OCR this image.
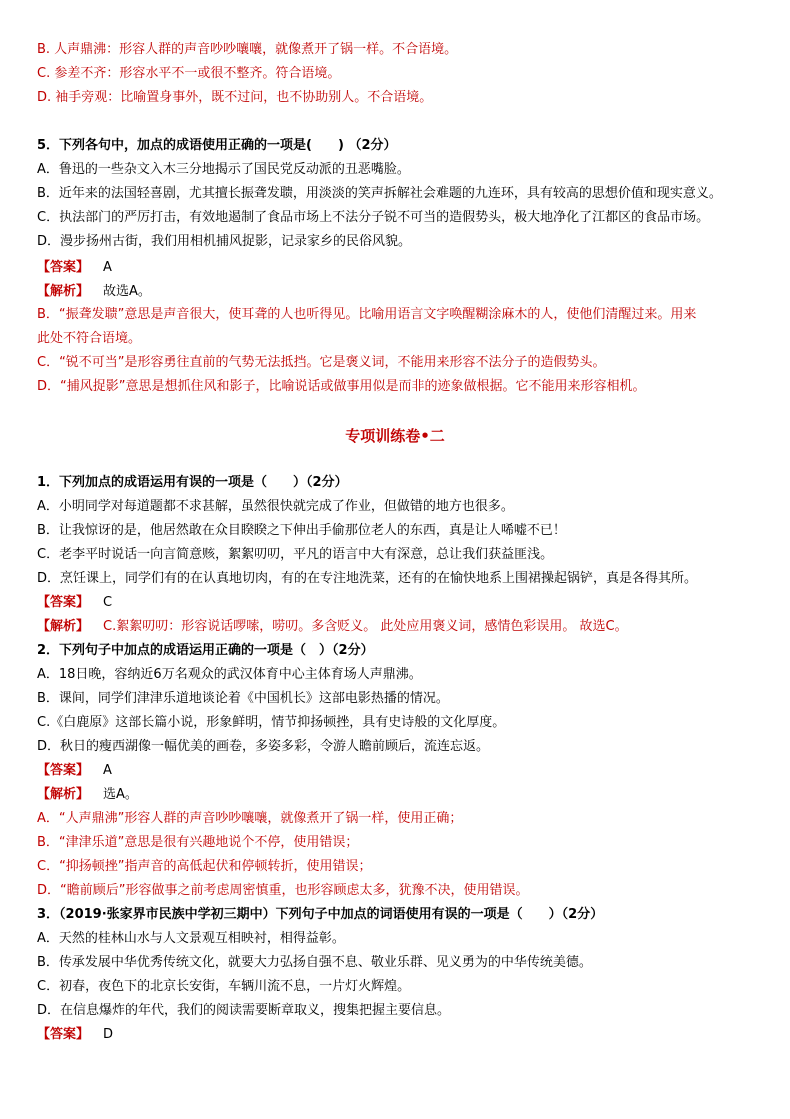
B. 人声鼎沸：形容人群的声音吵吵嚷嚷，就像煮开了锅一样。不合语境。
C. 参差不齐：形容水平不一或很不整齐。符合语境。
D. 袖手旁观：比喻置身事外，既不过问，也不协助别人。不合语境。
5．下列各句中，加点的成语使用正确的一项是(　　) （2分）
A．鲁迅的一些杂文入木三分地揭示了国民党反动派的丑恶嘴脸。
B．近年来的法国轻喜剧，尤其擅长振聋发聩，用淡淡的笑声拆解社会难题的九连环，具有较高的思想价值和现实意义。
C．执法部门的严厉打击，有效地遏制了食品市场上不法分子锐不可当的造假势头，极大地净化了江都区的食品市场。
D．漫步扬州古街，我们用相机捕风捉影，记录家乡的民俗风貌。
【答案】 A
【解析】 故选A。
B．“振聋发聩”意思是声音很大，使耳聋的人也听得见。比喻用语言文字唤醒糊涂麻木的人，使他们清醒过来。用来
此处不符合语境。
C．“锐不可当”是形容勇往直前的气势无法抵挡。它是褒义词，不能用来形容不法分子的造假势头。
D．“捕风捉影”意思是想抓住风和影子，比喻说话或做事用似是而非的迹象做根据。它不能用来形容相机。
专项训练卷•二
1．下列加点的成语运用有误的一项是（　　）（2分）
A．小明同学对每道题都不求甚解，虽然很快就完成了作业，但做错的地方也很多。
B．让我惊讶的是，他居然敢在众目睽睽之下伸出手偷那位老人的东西，真是让人唏嘘不已！
C．老李平时说话一向言简意赅，絮絮叨叨，平凡的语言中大有深意，总让我们获益匪浅。
D．烹饪课上，同学们有的在认真地切肉，有的在专注地洗菜，还有的在愉快地系上围裙操起锅铲，真是各得其所。
【答案】 C
【解析】 C.絮絮叨叨：形容说话啰嗦，唠叨。多含贬义。 此处应用褒义词，感情色彩误用。 故选C。
2．下列句子中加点的成语运用正确的一项是（　）（2分）
A．18日晚，容纳近6万名观众的武汉体育中心主体育场人声鼎沸。
B．课间，同学们津津乐道地谈论着《中国机长》这部电影热播的情况。
C.《白鹿原》这部长篇小说，形象鲜明，情节抑扬顿挫，具有史诗般的文化厚度。
D．秋日的瘦西湖像一幅优美的画卷，多姿多彩，令游人瞻前顾后，流连忘返。
【答案】 A
【解析】 选A。
A．“人声鼎沸”形容人群的声音吵吵嚷嚷，就像煮开了锅一样，使用正确；
B．“津津乐道”意思是很有兴趣地说个不停，使用错误；
C．“抑扬顿挫”指声音的高低起伏和停顿转折，使用错误；
D．“瞻前顾后”形容做事之前考虑周密慎重，也形容顾虑太多，犹豫不决，使用错误。
3．（2019·张家界市民族中学初三期中）下列句子中加点的词语使用有误的一项是（　　）（2分）
A．天然的桂林山水与人文景观互相映衬，相得益彰。
B．传承发展中华优秀传统文化，就要大力弘扬自强不息、敬业乐群、见义勇为的中华传统美德。
C．初春，夜色下的北京长安街，车辆川流不息，一片灯火辉煌。
D．在信息爆炸的年代，我们的阅读需要断章取义，搜集把握主要信息。
【答案】 D
